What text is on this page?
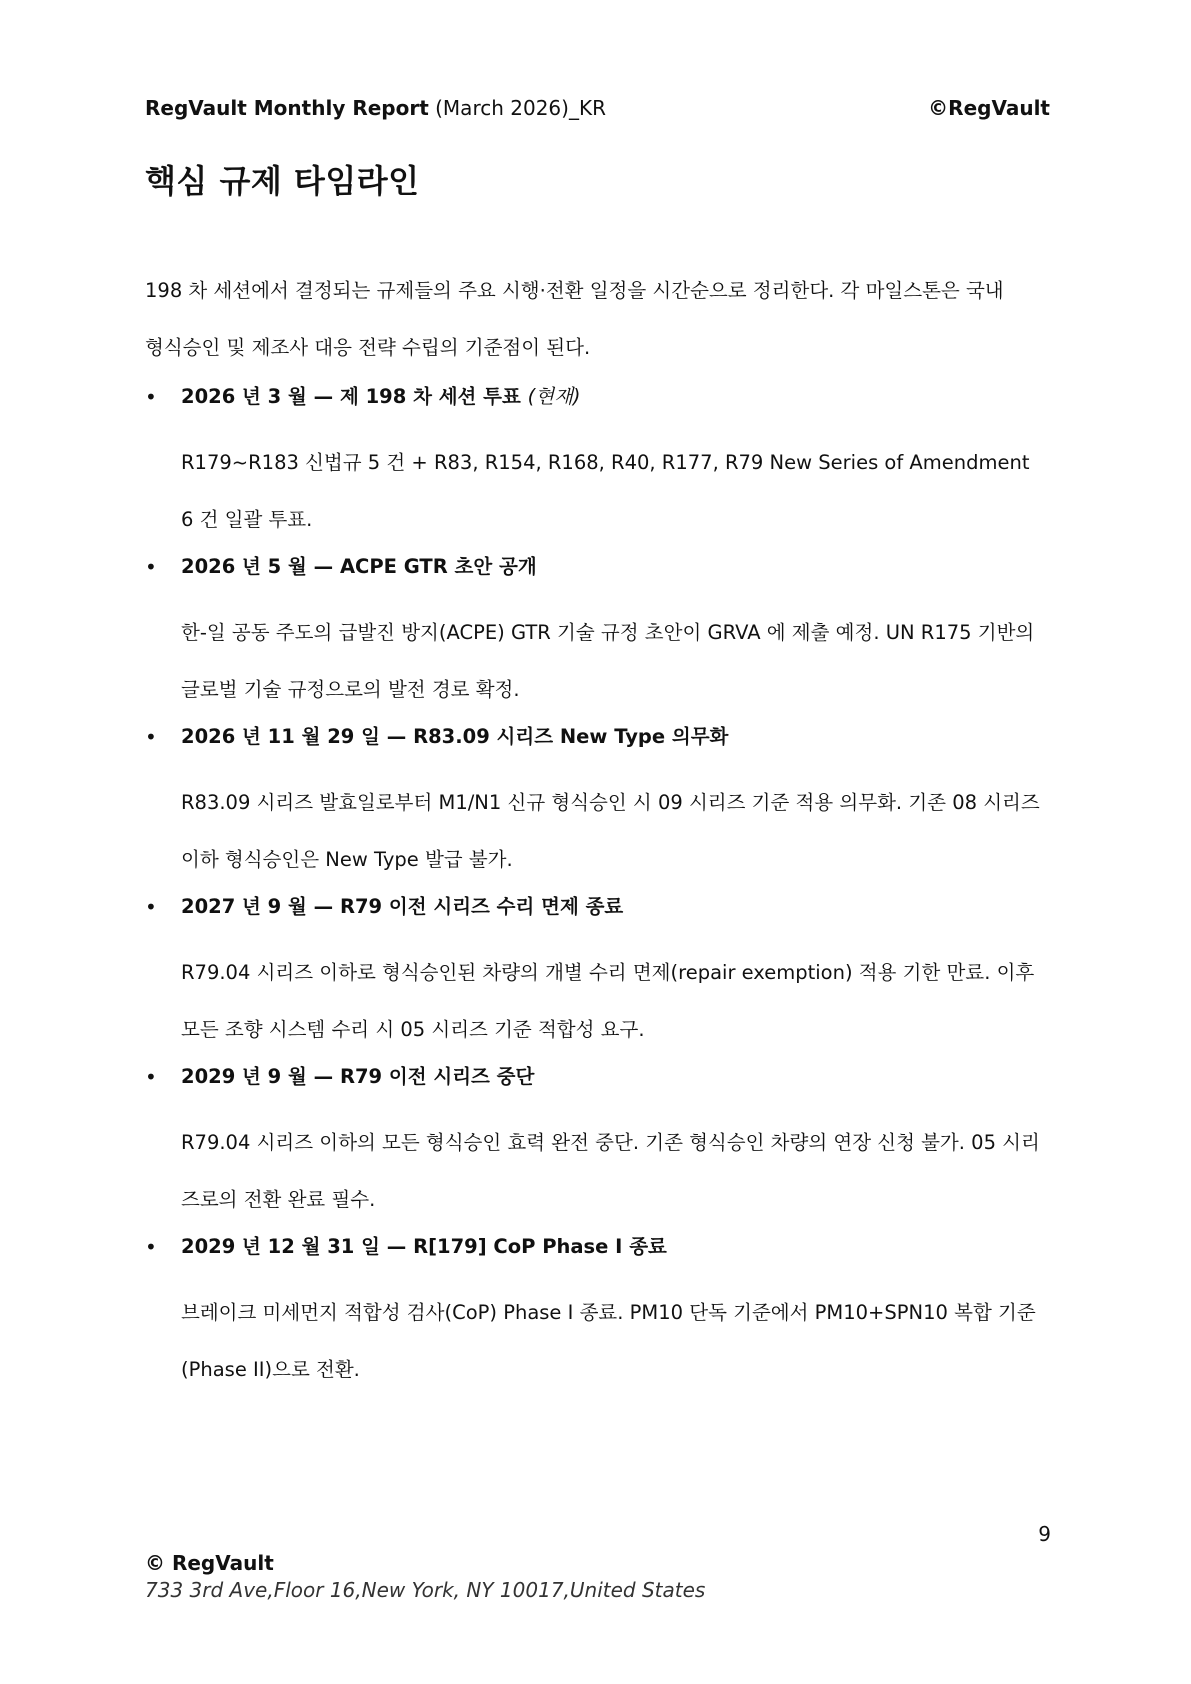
RegVault Monthly Report (March 2026)_KR	©RegVault
핵심 규제 타임라인

198 차 세션에서 결정되는 규제들의 주요 시행·전환 일정을 시간순으로 정리한다. 각 마일스톤은 국내 형식승인 및 제조사 대응 전략 수립의 기준점이 된다.

• 2026 년 3 월 — 제 198 차 세션 투표 (현재)
R179~R183 신법규 5 건 + R83, R154, R168, R40, R177, R79 New Series of Amendment 6 건 일괄 투표.
• 2026 년 5 월 — ACPE GTR 초안 공개
한-일 공동 주도의 급발진 방지(ACPE) GTR 기술 규정 초안이 GRVA 에 제출 예정. UN R175 기반의 글로벌 기술 규정으로의 발전 경로 확정.
• 2026 년 11 월 29 일 — R83.09 시리즈 New Type 의무화
R83.09 시리즈 발효일로부터 M1/N1 신규 형식승인 시 09 시리즈 기준 적용 의무화. 기존 08 시리즈 이하 형식승인은 New Type 발급 불가.
• 2027 년 9 월 — R79 이전 시리즈 수리 면제 종료
R79.04 시리즈 이하로 형식승인된 차량의 개별 수리 면제(repair exemption) 적용 기한 만료. 이후 모든 조향 시스템 수리 시 05 시리즈 기준 적합성 요구.
• 2029 년 9 월 — R79 이전 시리즈 중단
R79.04 시리즈 이하의 모든 형식승인 효력 완전 중단. 기존 형식승인 차량의 연장 신청 불가. 05 시리즈로의 전환 완료 필수.
• 2029 년 12 월 31 일 — R[179] CoP Phase I 종료
브레이크 미세먼지 적합성 검사(CoP) Phase I 종료. PM10 단독 기준에서 PM10+SPN10 복합 기준(Phase II)으로 전환.
9
© RegVault
733 3rd Ave,Floor 16,New York, NY 10017,United States
